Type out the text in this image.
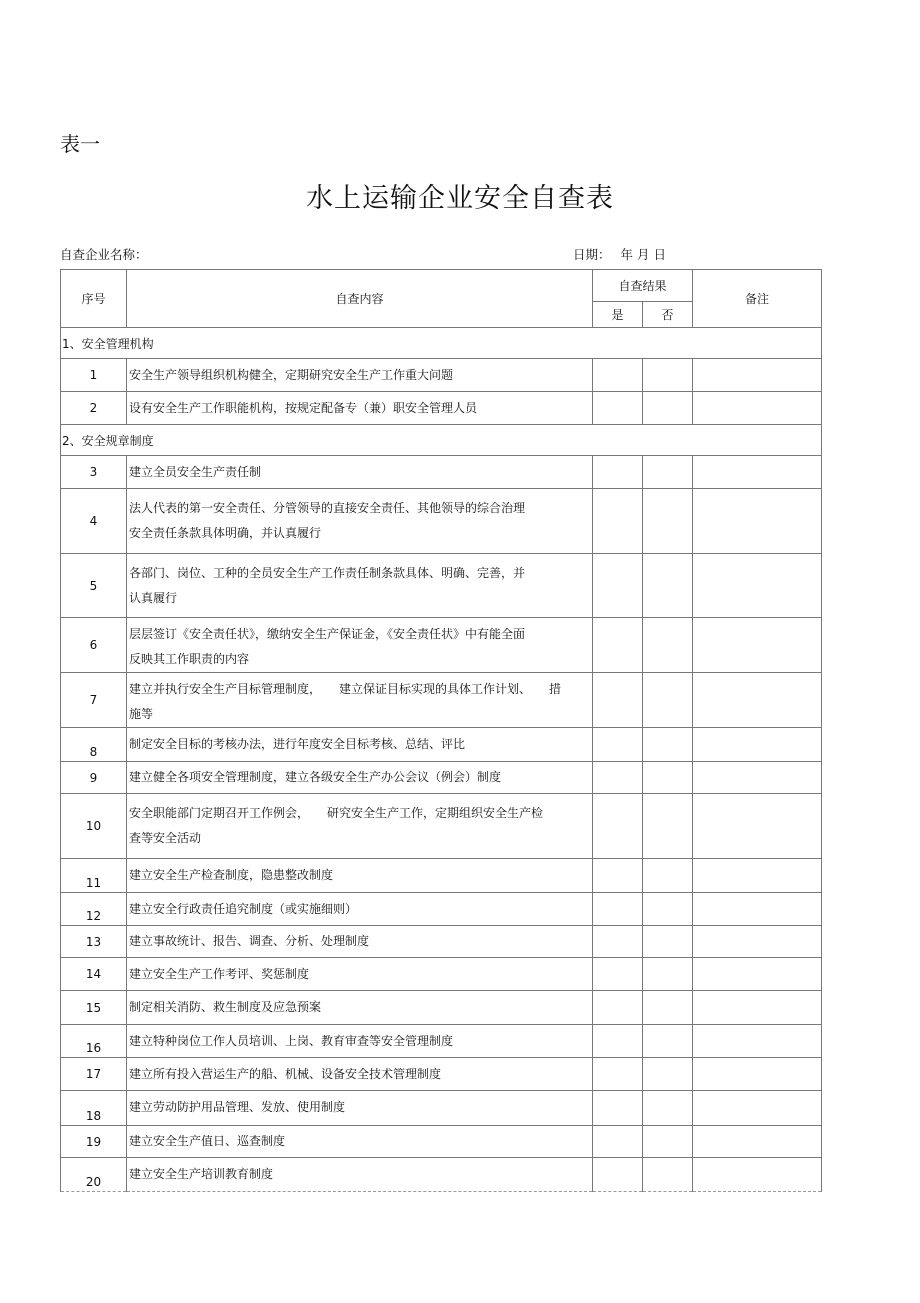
表一
水上运输企业安全自查表
自查企业名称：	日期： 年 月 日
序号	自查内容	自查结果		备注
		是	否	
1、安全管理机构				
1	安全生产领导组织机构健全，定期研究安全生产工作重大问题			

2	设有安全生产工作职能机构，按规定配备专（兼）职安全管理人员			

2、安全规章制度				
3	建立全员安全生产责任制			

4	法人代表的第一安全责任、分管领导的直接安全责任、其他领导的综合治理
安全责任条款具体明确，并认真履行			

5	各部门、岗位、工种的全员安全生产工作责任制条款具体、明确、完善，并
认真履行			

6	层层签订《安全责任状》，缴纳安全生产保证金，《安全责任状》中有能全面
反映其工作职责的内容			

7	建立并执行安全生产目标管理制度，　　建立保证目标实现的具体工作计划、　　措
施等			

8	制定安全目标的考核办法，进行年度安全目标考核、总结、评比			

9	建立健全各项安全管理制度，建立各级安全生产办公会议（例会）制度			

10	安全职能部门定期召开工作例会，　　研究安全生产工作，定期组织安全生产检
查等安全活动			

11	建立安全生产检查制度，隐患整改制度			

12	建立安全行政责任追究制度（或实施细则）			

13	建立事故统计、报告、调查、分析、处理制度			

14	建立安全生产工作考评、奖惩制度			

15	制定相关消防、救生制度及应急预案			

16	建立特种岗位工作人员培训、上岗、教育审查等安全管理制度			

17	建立所有投入营运生产的船、机械、设备安全技术管理制度			

18	建立劳动防护用品管理、发放、使用制度			

19	建立安全生产值日、巡查制度			

20	建立安全生产培训教育制度			
